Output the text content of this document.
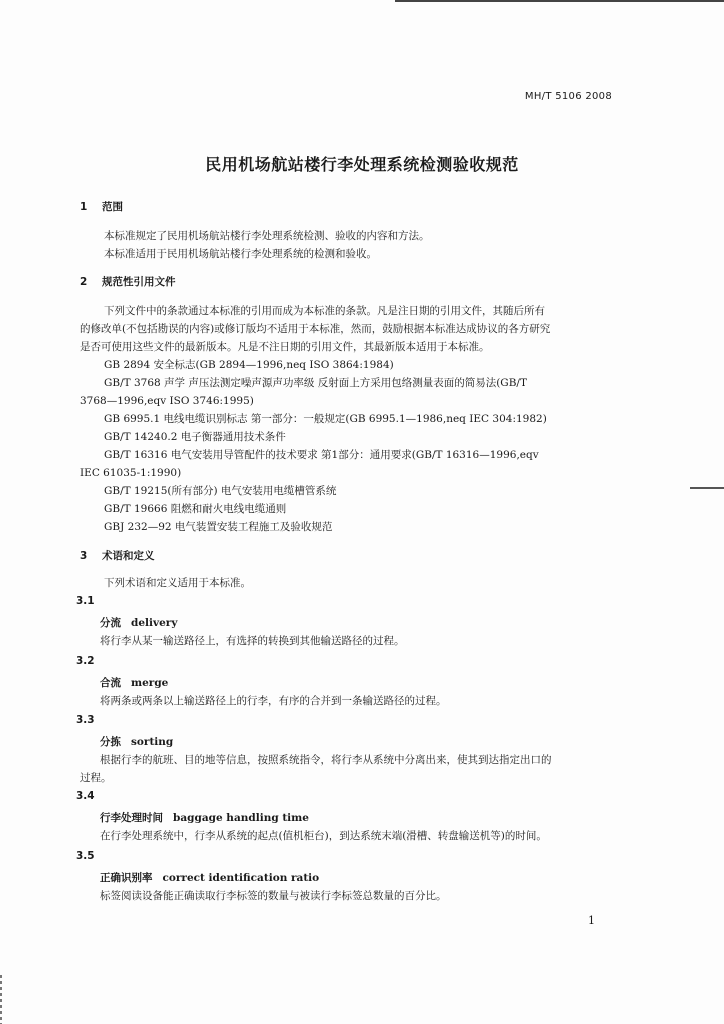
MH/T 5106 2008
民用机场航站楼行李处理系统检测验收规范
1 范围
本标准规定了民用机场航站楼行李处理系统检测、验收的内容和方法。
本标准适用于民用机场航站楼行李处理系统的检测和验收。
2 规范性引用文件
下列文件中的条款通过本标准的引用而成为本标准的条款。凡是注日期的引用文件，其随后所有
的修改单(不包括勘误的内容)或修订版均不适用于本标准，然而，鼓励根据本标准达成协议的各方研究
是否可使用这些文件的最新版本。凡是不注日期的引用文件，其最新版本适用于本标准。
GB 2894 安全标志(GB 2894—1996,neq ISO 3864:1984)
GB/T 3768 声学 声压法测定噪声源声功率级 反射面上方采用包络测量表面的简易法(GB/T
3768—1996,eqv ISO 3746:1995)
GB 6995.1 电线电缆识别标志 第一部分：一般规定(GB 6995.1—1986,neq IEC 304:1982)
GB/T 14240.2 电子衡器通用技术条件
GB/T 16316 电气安装用导管配件的技术要求 第1部分：通用要求(GB/T 16316—1996,eqv
IEC 61035-1:1990)
GB/T 19215(所有部分) 电气安装用电缆槽管系统
GB/T 19666 阻燃和耐火电线电缆通则
GBJ 232—92 电气装置安装工程施工及验收规范
3 术语和定义
下列术语和定义适用于本标准。
3.1
分流 delivery
将行李从某一输送路径上，有选择的转换到其他输送路径的过程。
3.2
合流 merge
将两条或两条以上输送路径上的行李，有序的合并到一条输送路径的过程。
3.3
分拣 sorting
根据行李的航班、目的地等信息，按照系统指令，将行李从系统中分离出来，使其到达指定出口的
过程。
3.4
行李处理时间 baggage handling time
在行李处理系统中，行李从系统的起点(值机柜台)，到达系统末端(滑槽、转盘输送机等)的时间。
3.5
正确识别率 correct identification ratio
标签阅读设备能正确读取行李标签的数量与被读行李标签总数量的百分比。
1
